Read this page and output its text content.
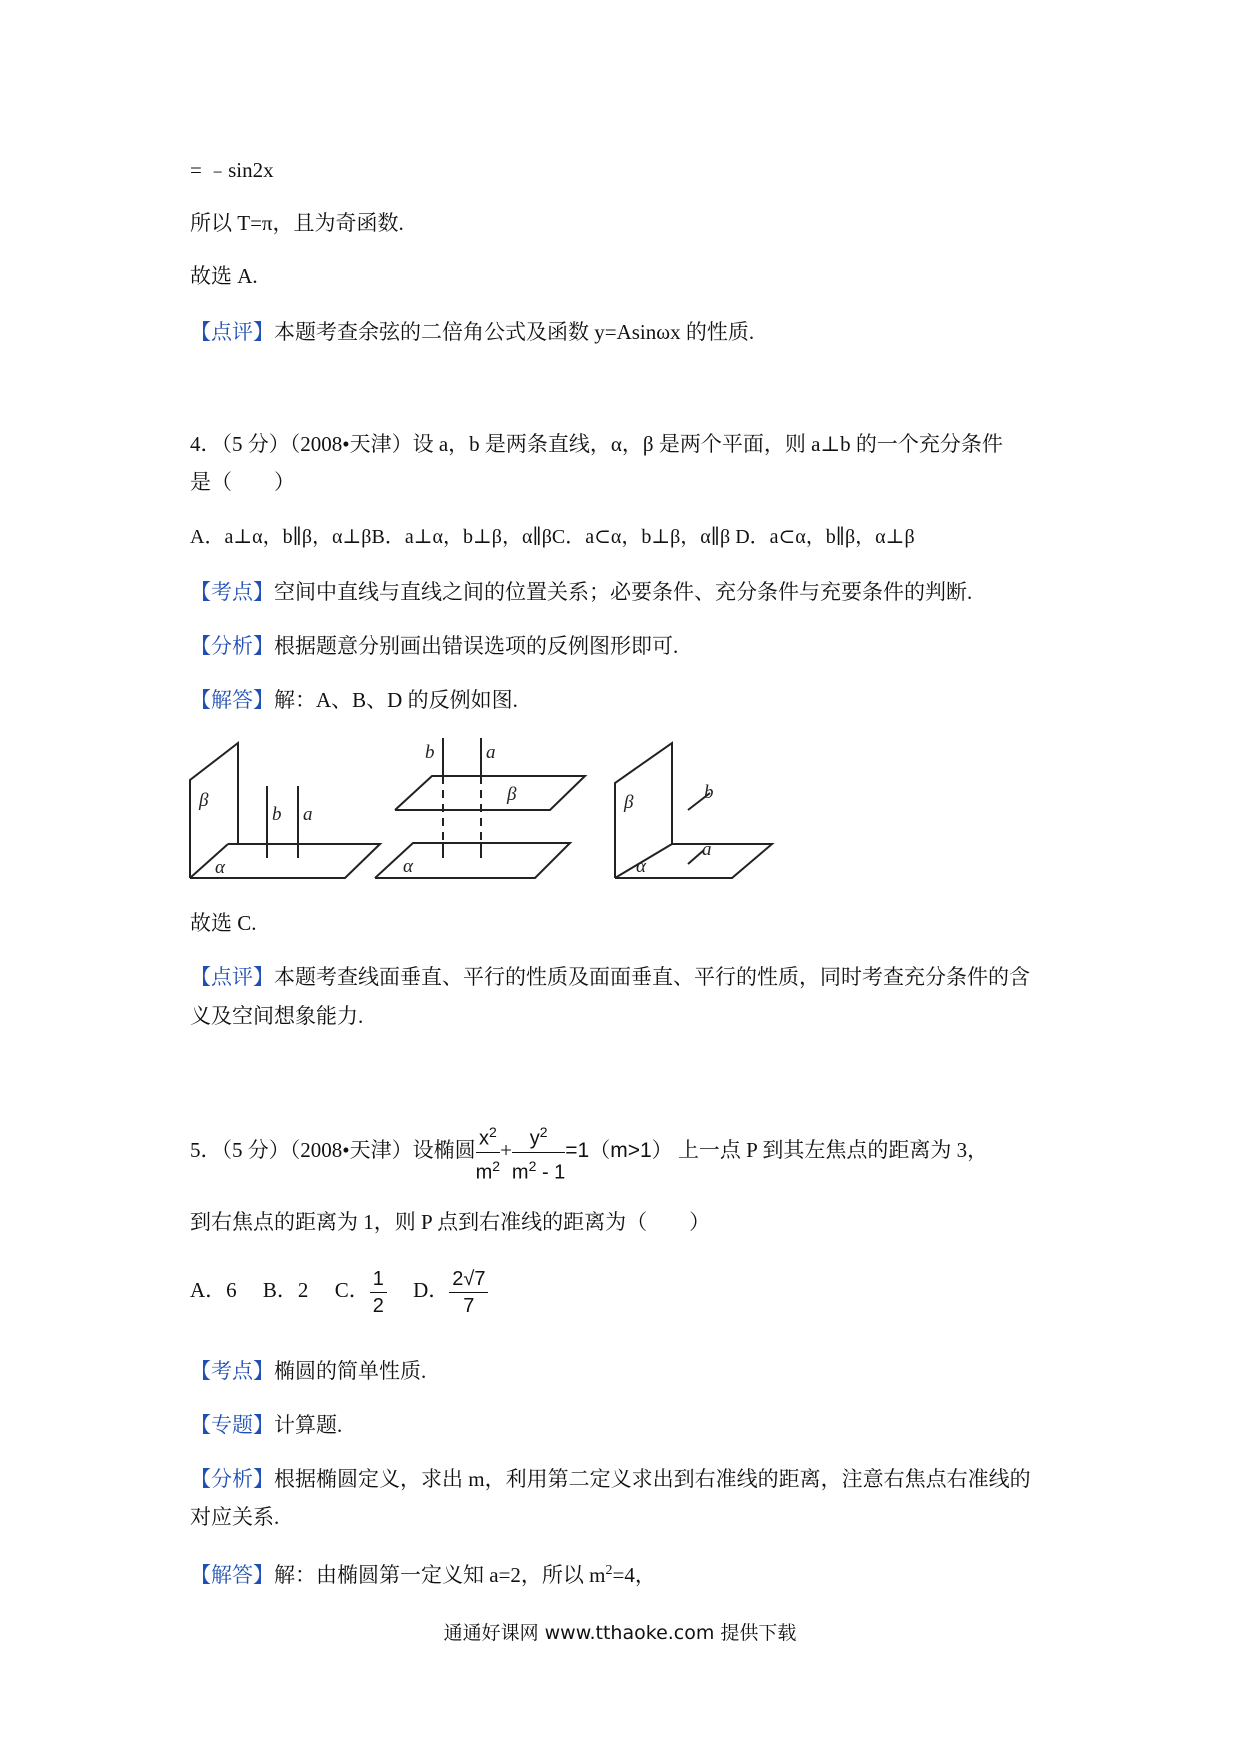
= ﹣sin2x
所以 T=π，且为奇函数.
故选 A.
【点评】本题考查余弦的二倍角公式及函数 y=Asinωx 的性质.
4．（5 分）（2008•天津）设 a，b 是两条直线，α，β 是两个平面，则 a⊥b 的一个充分条件
是（　　）
A．a⊥α，b∥β，α⊥βB．a⊥α，b⊥β，α∥βC．a⊂α，b⊥β，α∥β D．a⊂α，b∥β，α⊥β
【考点】空间中直线与直线之间的位置关系；必要条件、充分条件与充要条件的判断.
【分析】根据题意分别画出错误选项的反例图形即可.
【解答】解：A、B、D 的反例如图.
β
b a
α
b	a
β
α
β	b
a
α
故选 C.
【点评】本题考查线面垂直、平行的性质及面面垂直、平行的性质，同时考查充分条件的含
义及空间想象能力.
5．（5 分）（2008•天津）设椭圆 $\frac{x^2}{m^2} + \frac{y^2}{m^2 - 1} =1(m>1)$ 上一点 P 到其左焦点的距离为 3，
到右焦点的距离为 1，则 P 点到右准线的距离为（　　）
A．6 B．2 C． $\frac{1}{2}$ D． $\frac{2√7}{7}$
【考点】椭圆的简单性质.
【专题】计算题.
【分析】根据椭圆定义，求出 m，利用第二定义求出到右准线的距离，注意右焦点右准线的
对应关系.
【解答】解：由椭圆第一定义知 a=2，所以 $m^2=4$，
通通好课网 www.tthaoke.com 提供下载
